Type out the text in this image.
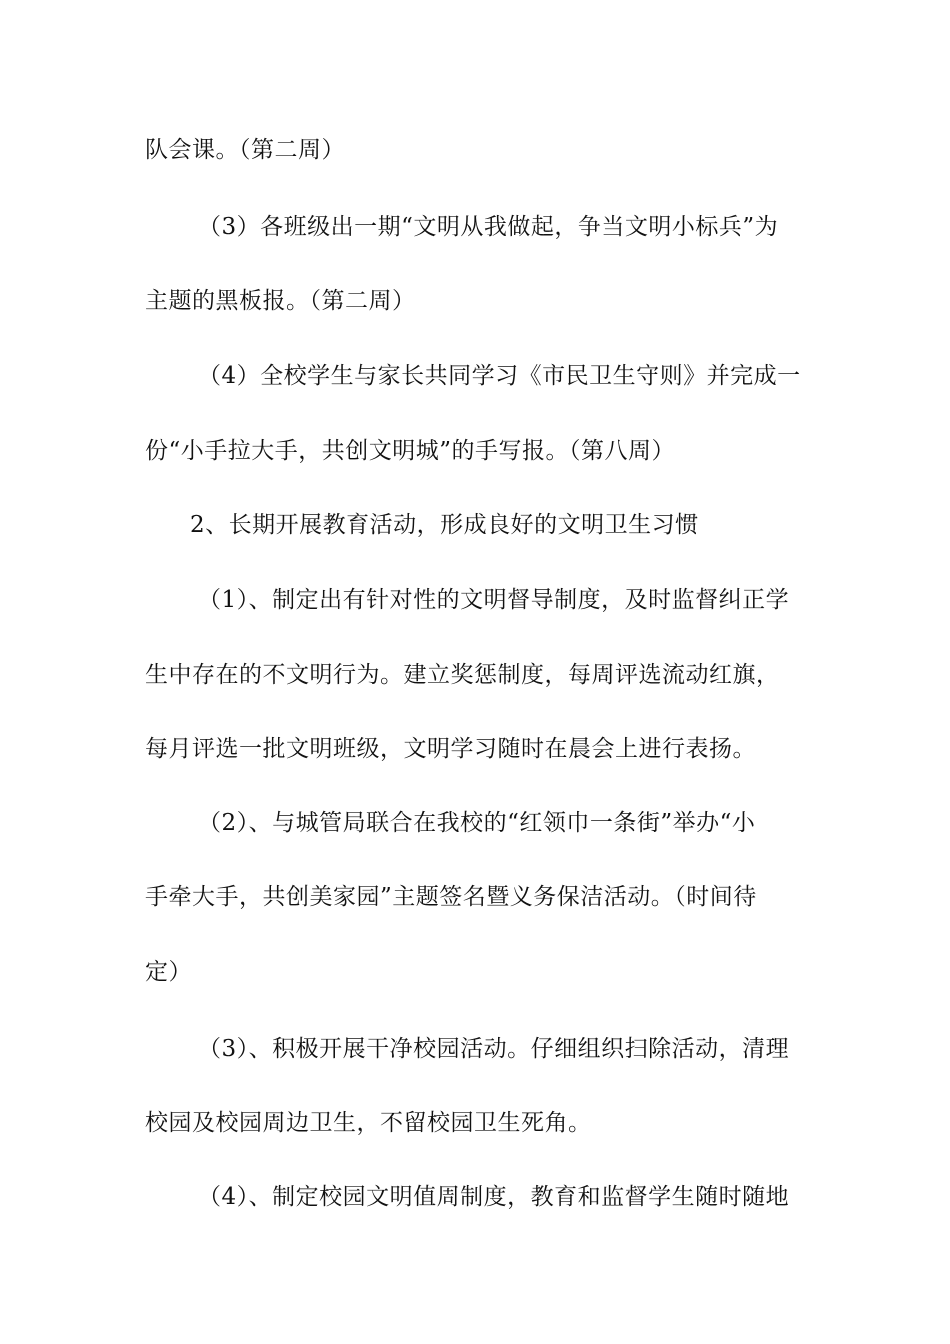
队会课。（第二周）
（3）各班级出一期“文明从我做起，争当文明小标兵”为
主题的黑板报。（第二周）
（4）全校学生与家长共同学习《市民卫生守则》并完成一
份“小手拉大手，共创文明城”的手写报。（第八周）
2、长期开展教育活动，形成良好的文明卫生习惯
（1）、制定出有针对性的文明督导制度，及时监督纠正学
生中存在的不文明行为。建立奖惩制度，每周评选流动红旗，
每月评选一批文明班级，文明学习随时在晨会上进行表扬。
（2）、与城管局联合在我校的“红领巾一条街”举办“小
手牵大手，共创美家园”主题签名暨义务保洁活动。（时间待
定）
（3）、积极开展干净校园活动。仔细组织扫除活动，清理
校园及校园周边卫生，不留校园卫生死角。
（4）、制定校园文明值周制度，教育和监督学生随时随地
